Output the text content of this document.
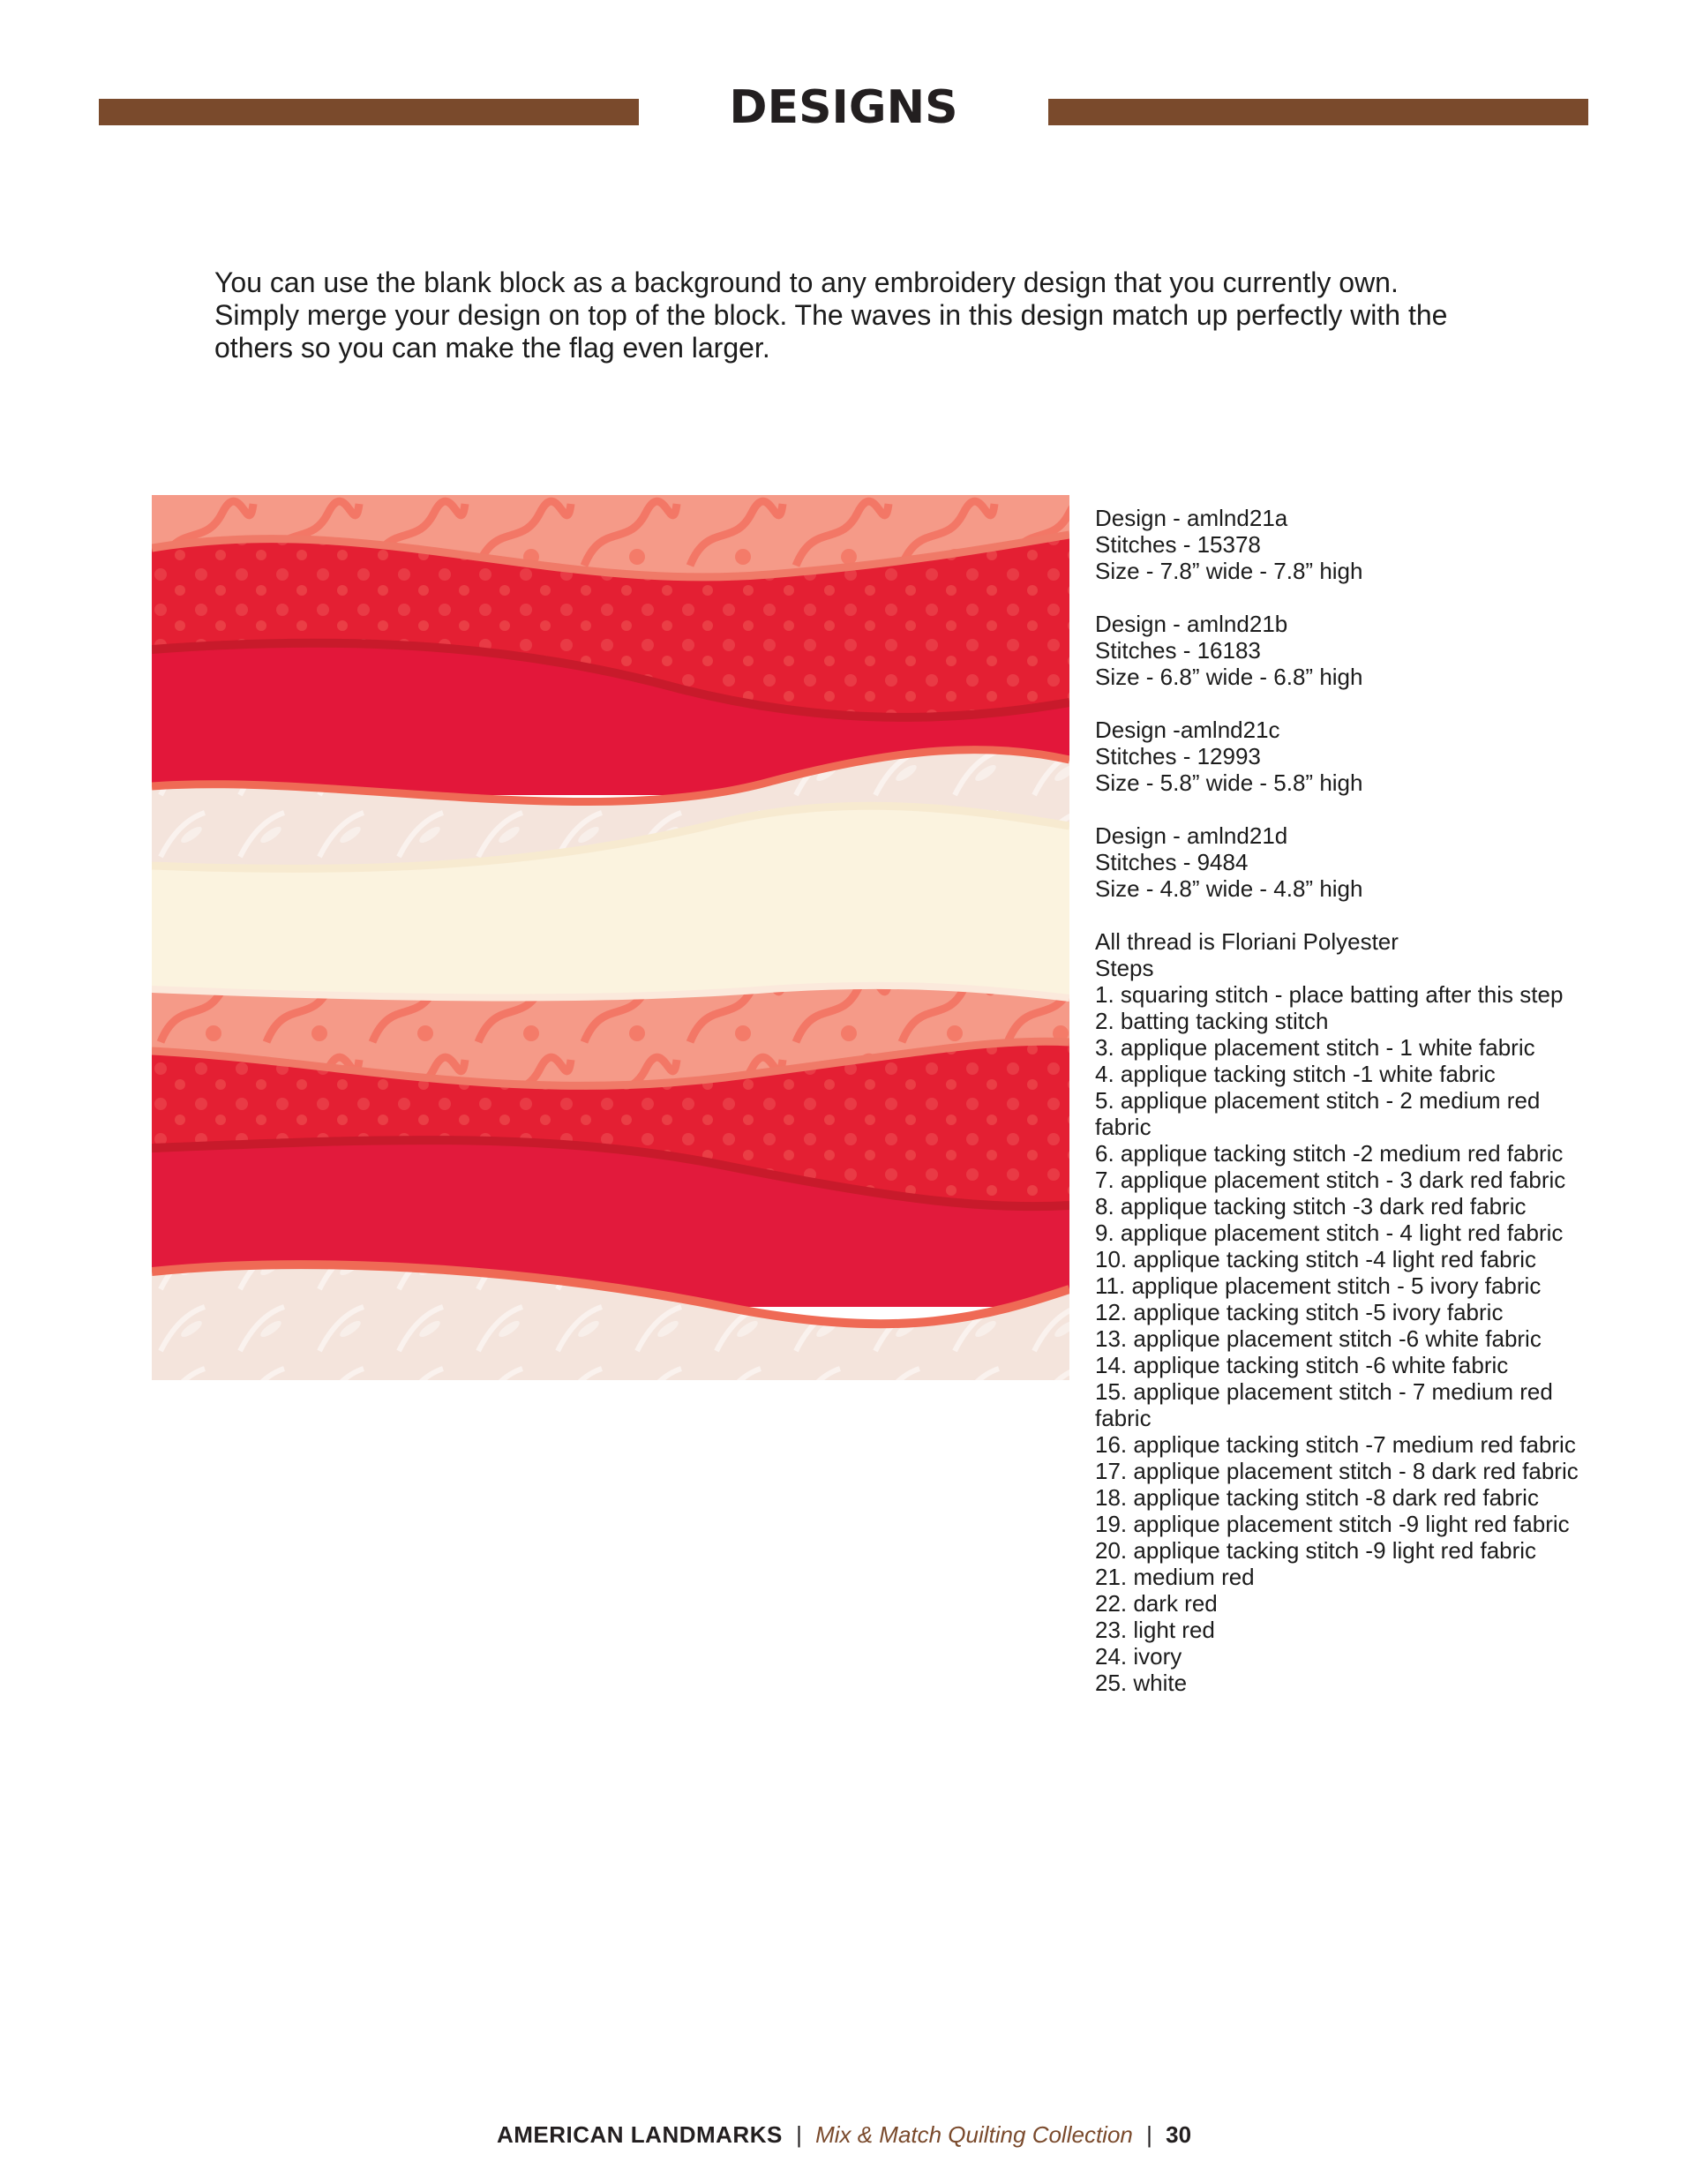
DESIGNS

You can use the blank block as a background to any embroidery design that you currently own. Simply merge your design on top of the block. The waves in this design match up perfectly with the others so you can make the flag even larger.

Design - amlnd21a
Stitches - 15378
Size - 7.8” wide - 7.8” high
Design - amlnd21b
Stitches - 16183
Size - 6.8” wide - 6.8” high
Design -amlnd21c
Stitches - 12993
Size - 5.8” wide - 5.8” high
Design - amlnd21d
Stitches - 9484
Size - 4.8” wide - 4.8” high
All thread is Floriani Polyester
Steps
1. squaring stitch - place batting after this step
2. batting tacking stitch
3. applique placement stitch - 1 white fabric
4. applique tacking stitch -1 white fabric
5. applique placement stitch - 2 medium red fabric
6. applique tacking stitch -2 medium red fabric
7. applique placement stitch - 3 dark red fabric
8. applique tacking stitch -3 dark red fabric
9. applique placement stitch - 4 light red fabric
10. applique tacking stitch -4 light red fabric
11. applique placement stitch - 5 ivory fabric
12. applique tacking stitch -5 ivory fabric
13. applique placement stitch -6 white fabric
14. applique tacking stitch -6 white fabric
15. applique placement stitch - 7 medium red fabric
16. applique tacking stitch -7 medium red fabric
17. applique placement stitch - 8 dark red fabric
18. applique tacking stitch -8 dark red fabric
19. applique placement stitch -9 light red fabric
20. applique tacking stitch -9 light red fabric
21. medium red
22. dark red
23. light red
24. ivory
25. white
AMERICAN LANDMARKS | Mix & Match Quilting Collection | 30
